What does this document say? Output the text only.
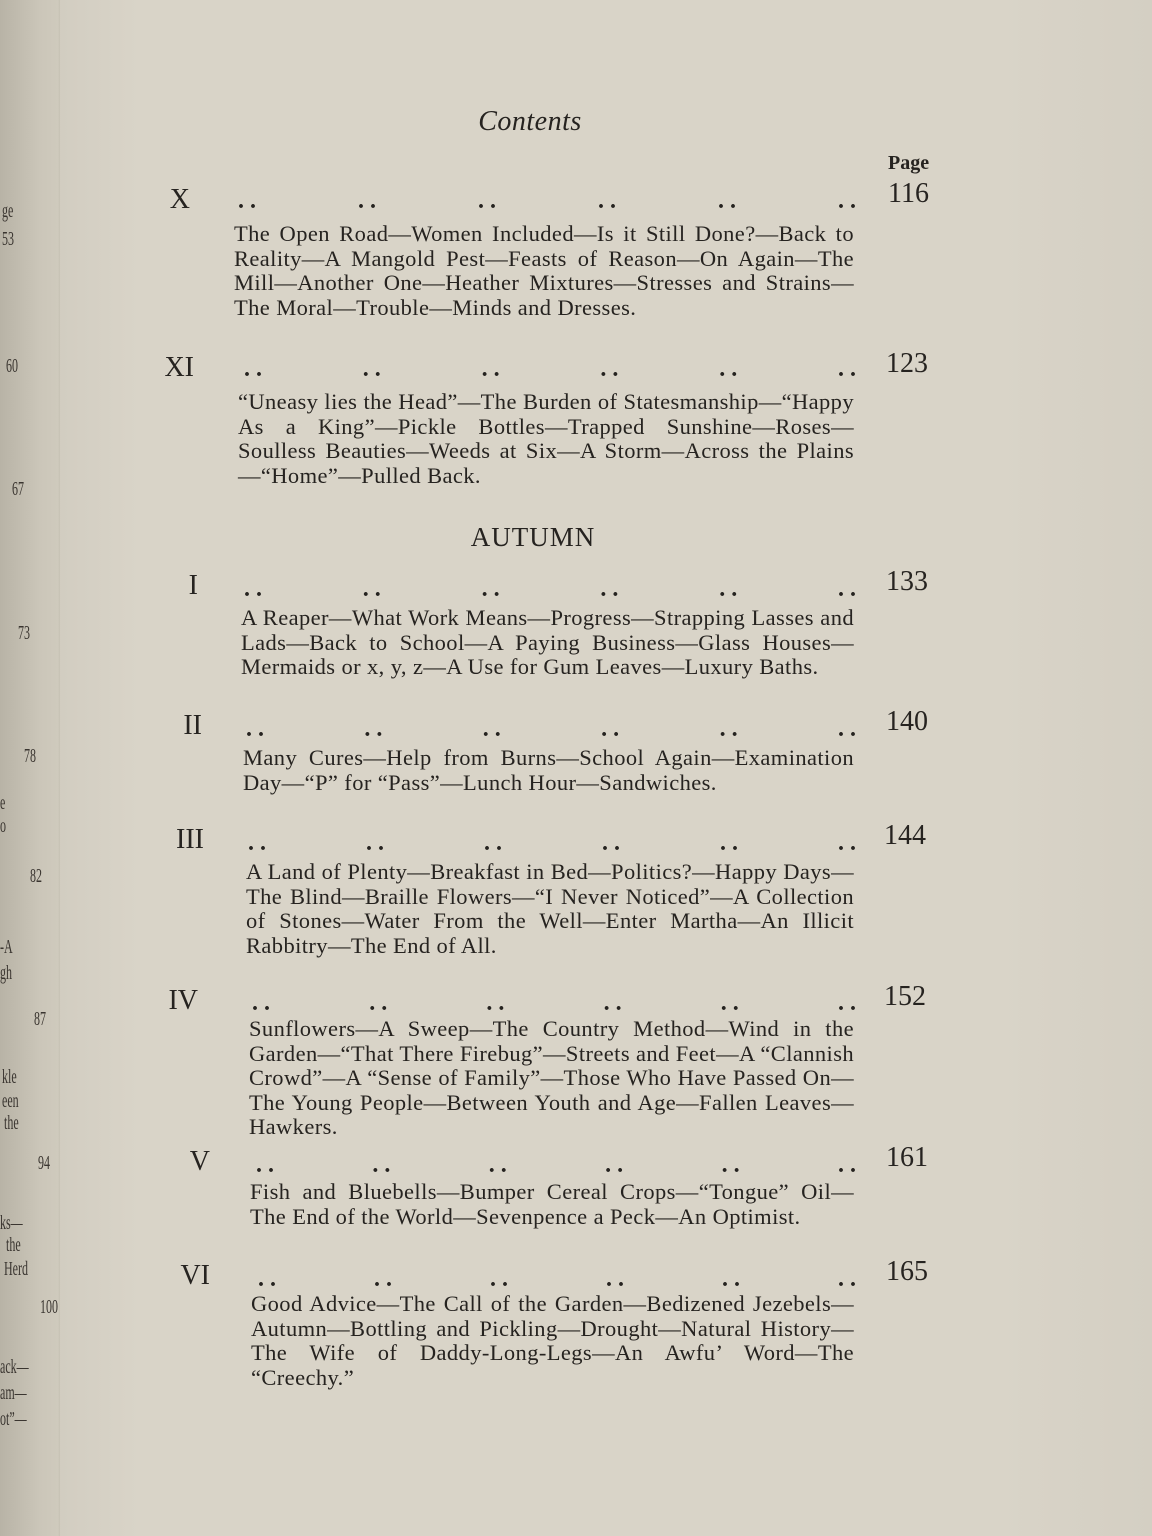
ge
53
60
67
73
78
e
o
82
-A
gh
87
kle
een
the
94
ks—
the
Herd
100
ack—
am—
ot”—
Contents
Page
X . .	. .	. .	. .	. .	. . 116
The Open Road—Women Included—Is it Still Done?—Back to Reality—A Mangold Pest—Feasts of Reason—On Again—The Mill—Another One—Heather Mixtures—Stresses and Strains—The Moral—Trouble—Minds and Dresses.
XI . .	. .	. .	. .	. .	. . 123
“Uneasy lies the Head”—The Burden of Statesmanship—“Happy As a King”—Pickle Bottles—Trapped Sunshine—Roses—Soulless Beauties—Weeds at Six—A Storm—Across the Plains—“Home”—Pulled Back.
AUTUMN
I . .	. .	. .	. .	. .	. . 133
A Reaper—What Work Means—Progress—Strapping Lasses and Lads—Back to School—A Paying Business—Glass Houses—Mermaids or x, y, z—A Use for Gum Leaves—Luxury Baths.
II . .	. .	. .	. .	. .	. . 140
Many Cures—Help from Burns—School Again—Examination Day—“P” for “Pass”—Lunch Hour—Sandwiches.
III . .	. .	. .	. .	. .	. . 144
A Land of Plenty—Breakfast in Bed—Politics?—Happy Days—The Blind—Braille Flowers—“I Never Noticed”—A Collection of Stones—Water From the Well—Enter Martha—An Illicit Rabbitry—The End of All.
IV . .	. .	. .	. .	. .	. . 152
Sunflowers—A Sweep—The Country Method—Wind in the Garden—“That There Firebug”—Streets and Feet—A “Clannish Crowd”—A “Sense of Family”—Those Who Have Passed On—The Young People—Between Youth and Age—Fallen Leaves—Hawkers.
V . .	. .	. .	. .	. .	. . 161
Fish and Bluebells—Bumper Cereal Crops—“Tongue” Oil—The End of the World—Sevenpence a Peck—An Optimist.
VI . .	. .	. .	. .	. .	. . 165
Good Advice—The Call of the Garden—Bedizened Jezebels—Autumn—Bottling and Pickling—Drought—Natural History—The Wife of Daddy-Long-Legs—An Awfu’ Word—The “Creechy.”
